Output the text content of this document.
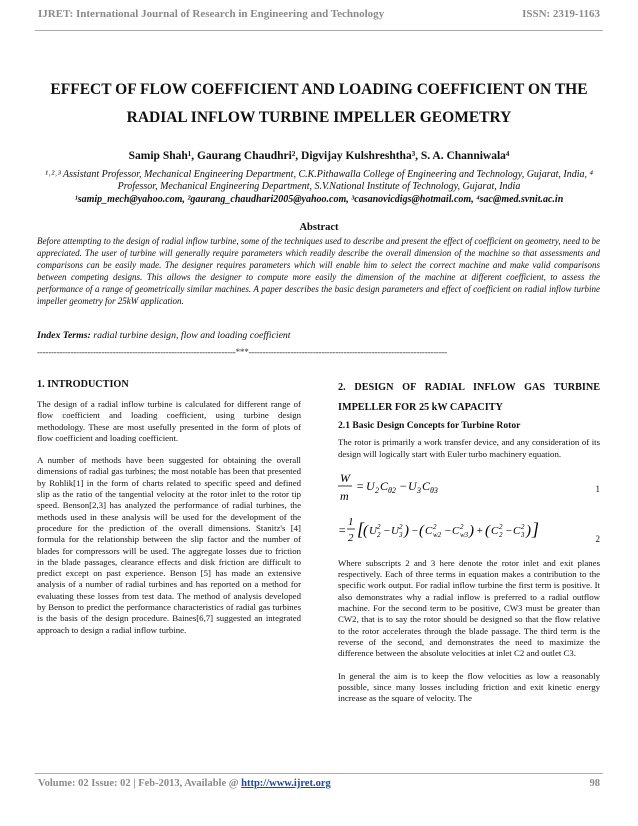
IJRET: International Journal of Research in Engineering and Technology	ISSN: 2319-1163
EFFECT OF FLOW COEFFICIENT AND LOADING COEFFICIENT ON THE RADIAL INFLOW TURBINE IMPELLER GEOMETRY
Samip Shah¹, Gaurang Chaudhri², Digvijay Kulshreshtha³, S. A. Channiwala⁴
¹˒²˒³ Assistant Professor, Mechanical Engineering Department, C.K.Pithawalla College of Engineering and Technology, Gujarat, India, ⁴ Professor, Mechanical Engineering Department, S.V.National Institute of Technology, Gujarat, India
¹samip_mech@yahoo.com, ²gaurang_chaudhari2005@yahoo.com, ³casanovicdigs@hotmail.com, ⁴sac@med.svnit.ac.in
Abstract
Before attempting to the design of radial inflow turbine, some of the techniques used to describe and present the effect of coefficient on geometry, need to be appreciated. The user of turbine will generally require parameters which readily describe the overall dimension of the machine so that assessments and comparisons can be easily made. The designer requires parameters which will enable him to select the correct machine and make valid comparisons between competing designs. This allows the designer to compute more easily the dimension of the machine at different coefficient, to assess the performance of a range of geometrically similar machines. A paper describes the basic design parameters and effect of coefficient on radial inflow turbine impeller geometry for 25kW application.
Index Terms: radial turbine design, flow and loading coefficient
-----------------------------------------------------------------------***-----------------------------------------------------------------------
1. INTRODUCTION

The design of a radial inflow turbine is calculated for different range of flow coefficient and loading coefficient, using turbine design methodology. These are most usefully presented in the form of plots of flow coefficient and loading coefficient.

A number of methods have been suggested for obtaining the overall dimensions of radial gas turbines; the most notable has been that presented by Rohlik[1] in the form of charts related to specific speed and defined slip as the ratio of the tangential velocity at the rotor inlet to the rotor tip speed. Benson[2,3] has analyzed the performance of radial turbines, the methods used in these analysis will be used for the development of the procedure for the prediction of the overall dimensions. Stanitz's [4] formula for the relationship between the slip factor and the number of blades for compressors will be used. The aggregate losses due to friction in the blade passages, clearance effects and disk friction are difficult to predict except on past experience. Benson [5] has made an extensive analysis of a number of radial turbines and has reported on a method for evaluating these losses from test data. The method of analysis developed by Benson to predict the performance characteristics of radial gas turbines is the basis of the design procedure. Baines[6,7] suggested an integrated approach to design a radial inflow turbine.

2. DESIGN OF RADIAL INFLOW GAS TURBINE IMPELLER FOR 25 kW CAPACITY
2.1 Basic Design Concepts for Turbine Rotor

The rotor is primarily a work transfer device, and any consideration of its design will logically start with Euler turbo machinery equation.

W
m
= U 2 C θ2 − U 3 C θ3	1
=
1
2 [
( U 2
2 − U 2
3 ) − ( C 2
w2 − C 2
w3 ) + ( C 2
2 − C 2
3 ) ]	2

Where subscripts 2 and 3 here denote the rotor inlet and exit planes respectively. Each of three terms in equation makes a contribution to the specific work output. For radial inflow turbine the first term is positive. It also demonstrates why a radial inflow is preferred to a radial outflow machine. For the second term to be positive, CW3 must be greater than CW2, that is to say the rotor should be designed so that the flow relative to the rotor accelerates through the blade passage. The third term is the reverse of the second, and demonstrates the need to maximize the difference between the absolute velocities at inlet C2 and outlet C3.

In general the aim is to keep the flow velocities as low a reasonably possible, since many losses including friction and exit kinetic energy increase as the square of velocity. The

Volume: 02 Issue: 02 | Feb-2013, Available @ http://www.ijret.org	98
